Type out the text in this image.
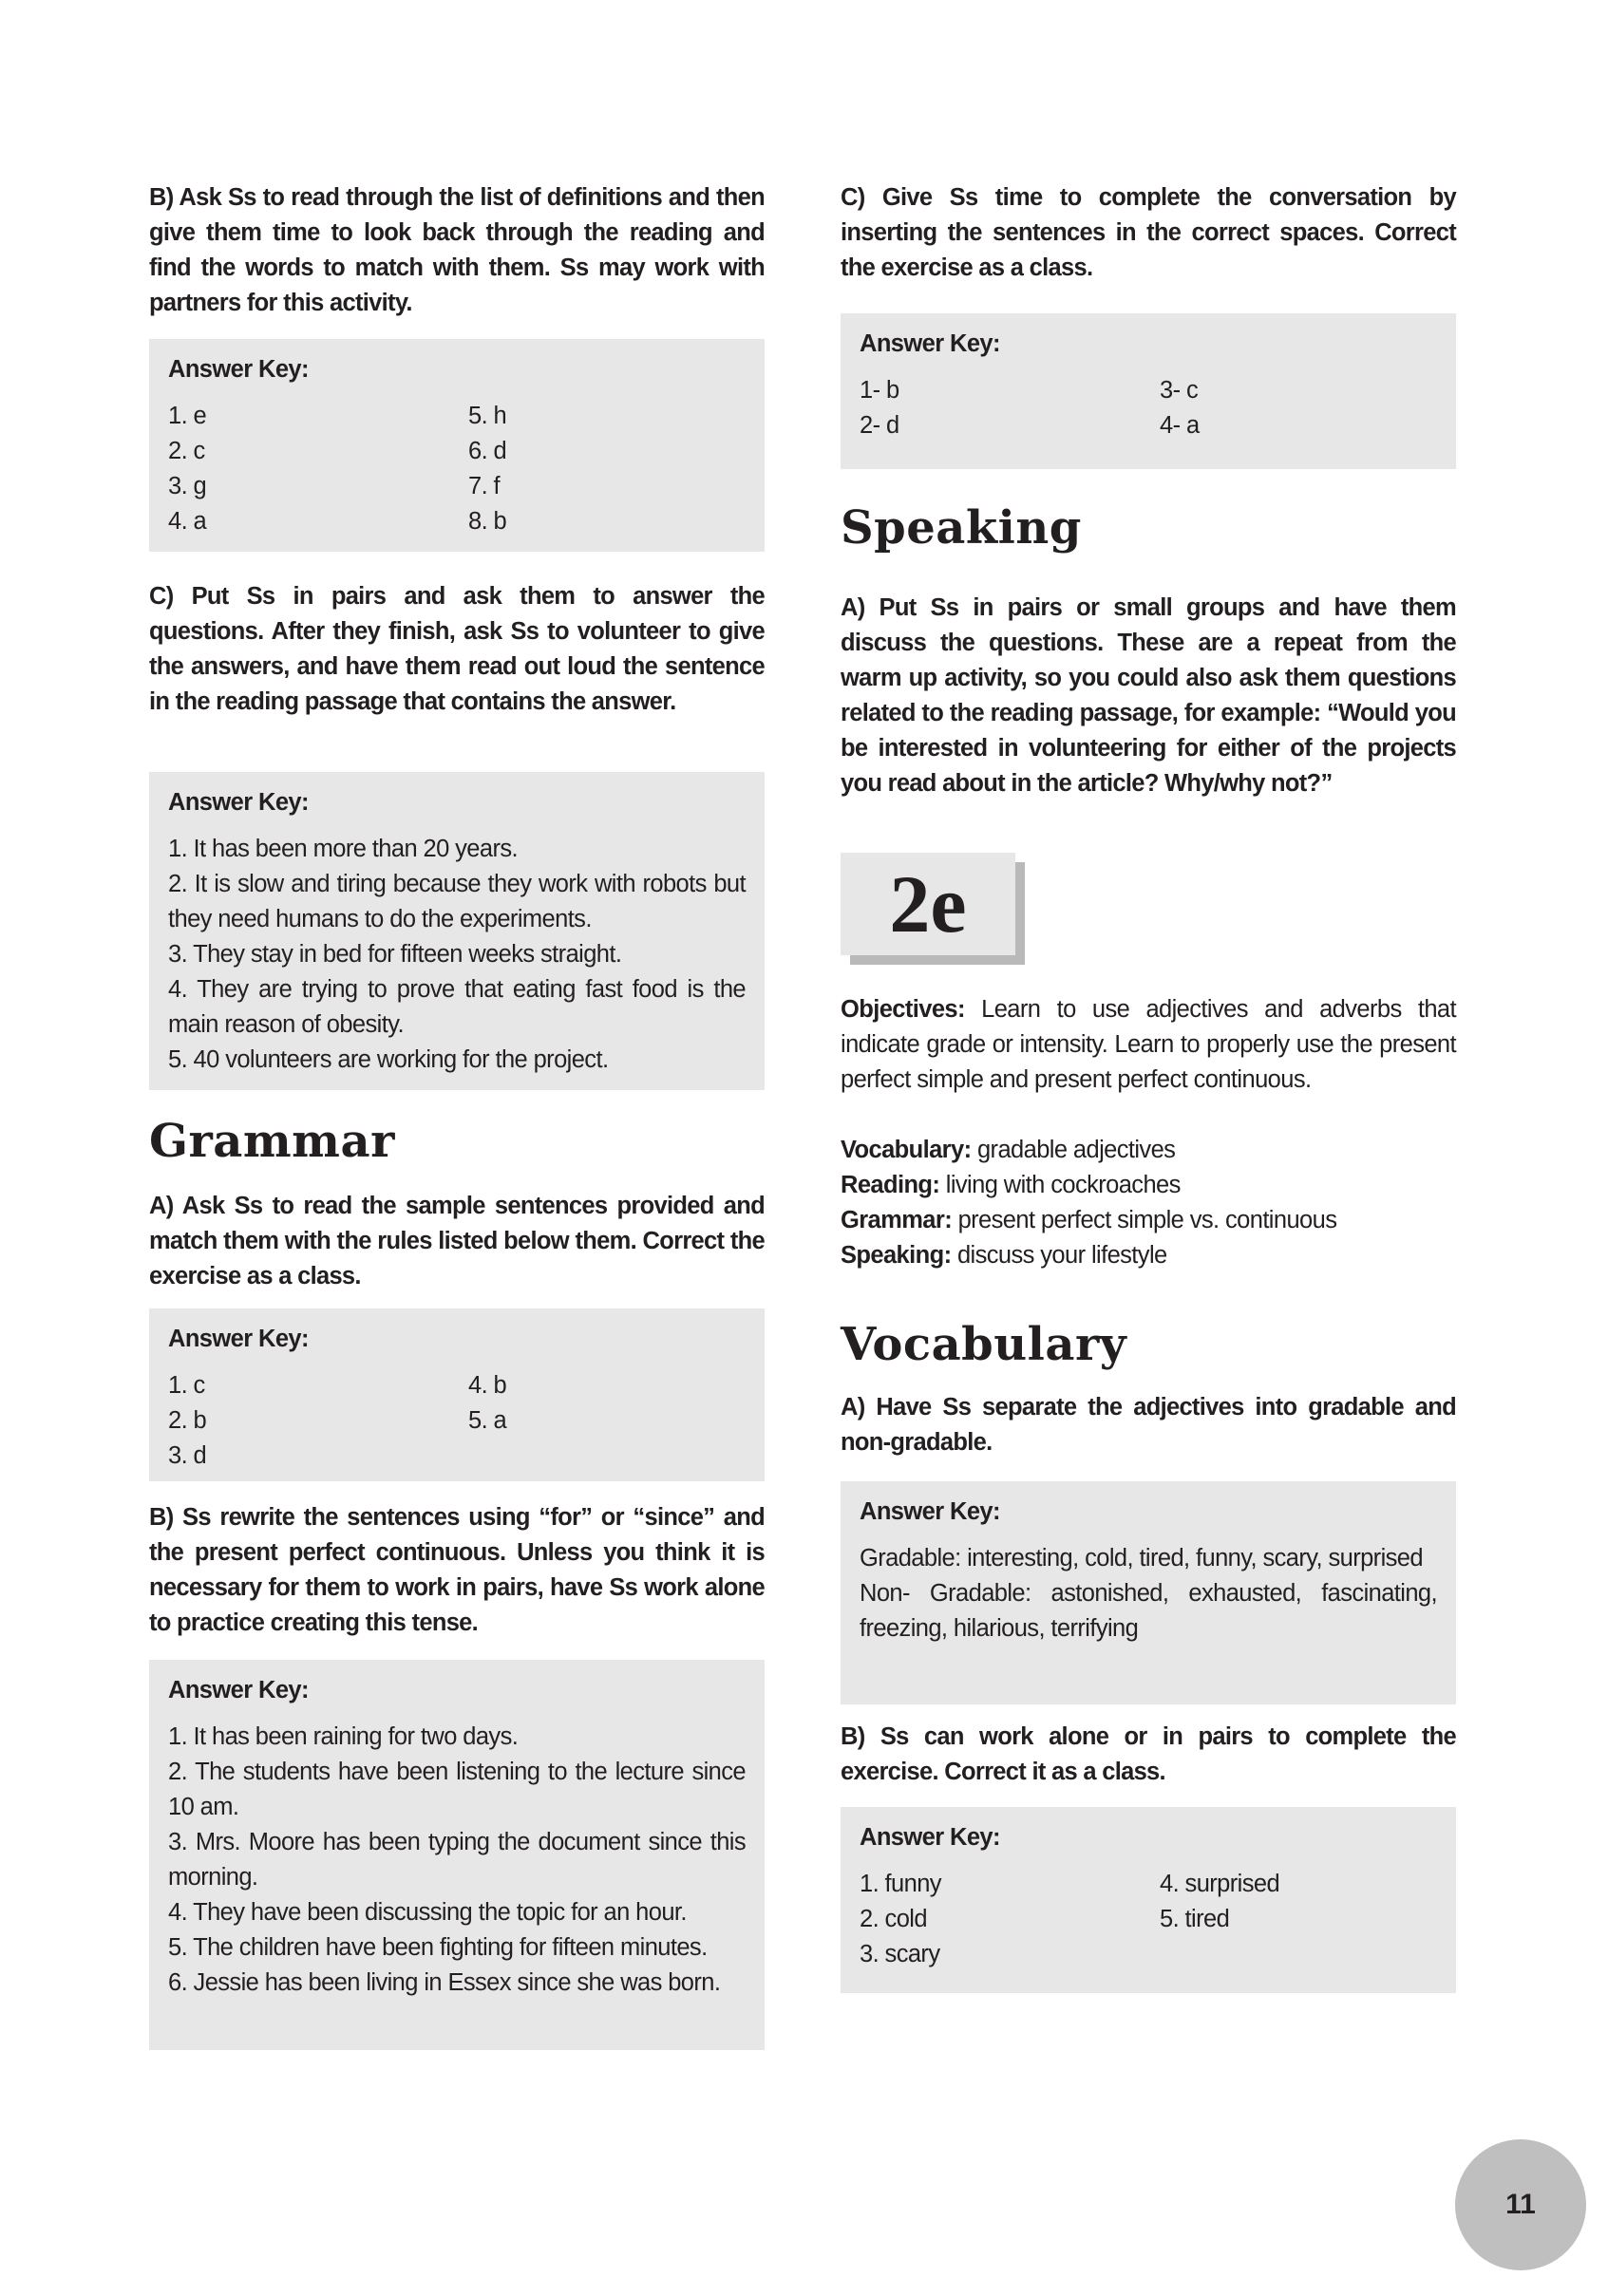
B) Ask Ss to read through the list of definitions and then give them time to look back through the reading and find the words to match with them. Ss may work with partners for this activity.

Answer Key:
1. e
2. c
3. g
4. a
5. h
6. d
7. f
8. b

C) Put Ss in pairs and ask them to answer the questions. After they finish, ask Ss to volunteer to give the answers, and have them read out loud the sentence in the reading passage that contains the answer.

Answer Key:
1. It has been more than 20 years.
2. It is slow and tiring because they work with robots but they need humans to do the experiments.
3. They stay in bed for fifteen weeks straight.
4. They are trying to prove that eating fast food is the main reason of obesity.
5. 40 volunteers are working for the project.
Grammar

A) Ask Ss to read the sample sentences provided and match them with the rules listed below them. Correct the exercise as a class.

Answer Key:
1. c
2. b
3. d
4. b
5. a

B) Ss rewrite the sentences using “for” or “since” and the present perfect continuous. Unless you think it is necessary for them to work in pairs, have Ss work alone to practice creating this tense.

Answer Key:
1. It has been raining for two days.
2. The students have been listening to the lecture since 10 am.
3. Mrs. Moore has been typing the document since this morning.
4. They have been discussing the topic for an hour.
5. The children have been fighting for fifteen minutes.
6. Jessie has been living in Essex since she was born.

C) Give Ss time to complete the conversation by inserting the sentences in the correct spaces. Correct the exercise as a class.

Answer Key:
1- b
2- d
3- c
4- a
Speaking

A) Put Ss in pairs or small groups and have them discuss the questions. These are a repeat from the warm up activity, so you could also ask them questions related to the reading passage, for example: “Would you be interested in volunteering for either of the projects you read about in the article? Why/why not?”

2e
Objectives: Learn to use adjectives and adverbs that indicate grade or intensity. Learn to properly use the present perfect simple and present perfect continuous.
Vocabulary: gradable adjectives
Reading: living with cockroaches
Grammar: present perfect simple vs. continuous
Speaking: discuss your lifestyle
Vocabulary

A) Have Ss separate the adjectives into gradable and non-gradable.

Answer Key:
Gradable: interesting, cold, tired, funny, scary, surprised
Non- Gradable: astonished, exhausted, fascinating, freezing, hilarious, terrifying

B) Ss can work alone or in pairs to complete the exercise. Correct it as a class.

Answer Key:
1. funny
2. cold
3. scary
4. surprised
5. tired
11
